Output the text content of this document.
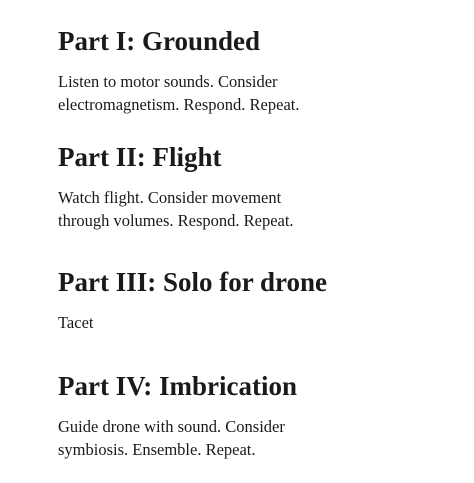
Part I: Grounded

Listen to motor sounds. Consider
electromagnetism. Respond. Repeat.

Part II: Flight

Watch flight. Consider movement
through volumes. Respond. Repeat.

Part III: Solo for drone

Tacet

Part IV: Imbrication

Guide drone with sound. Consider
symbiosis. Ensemble. Repeat.
